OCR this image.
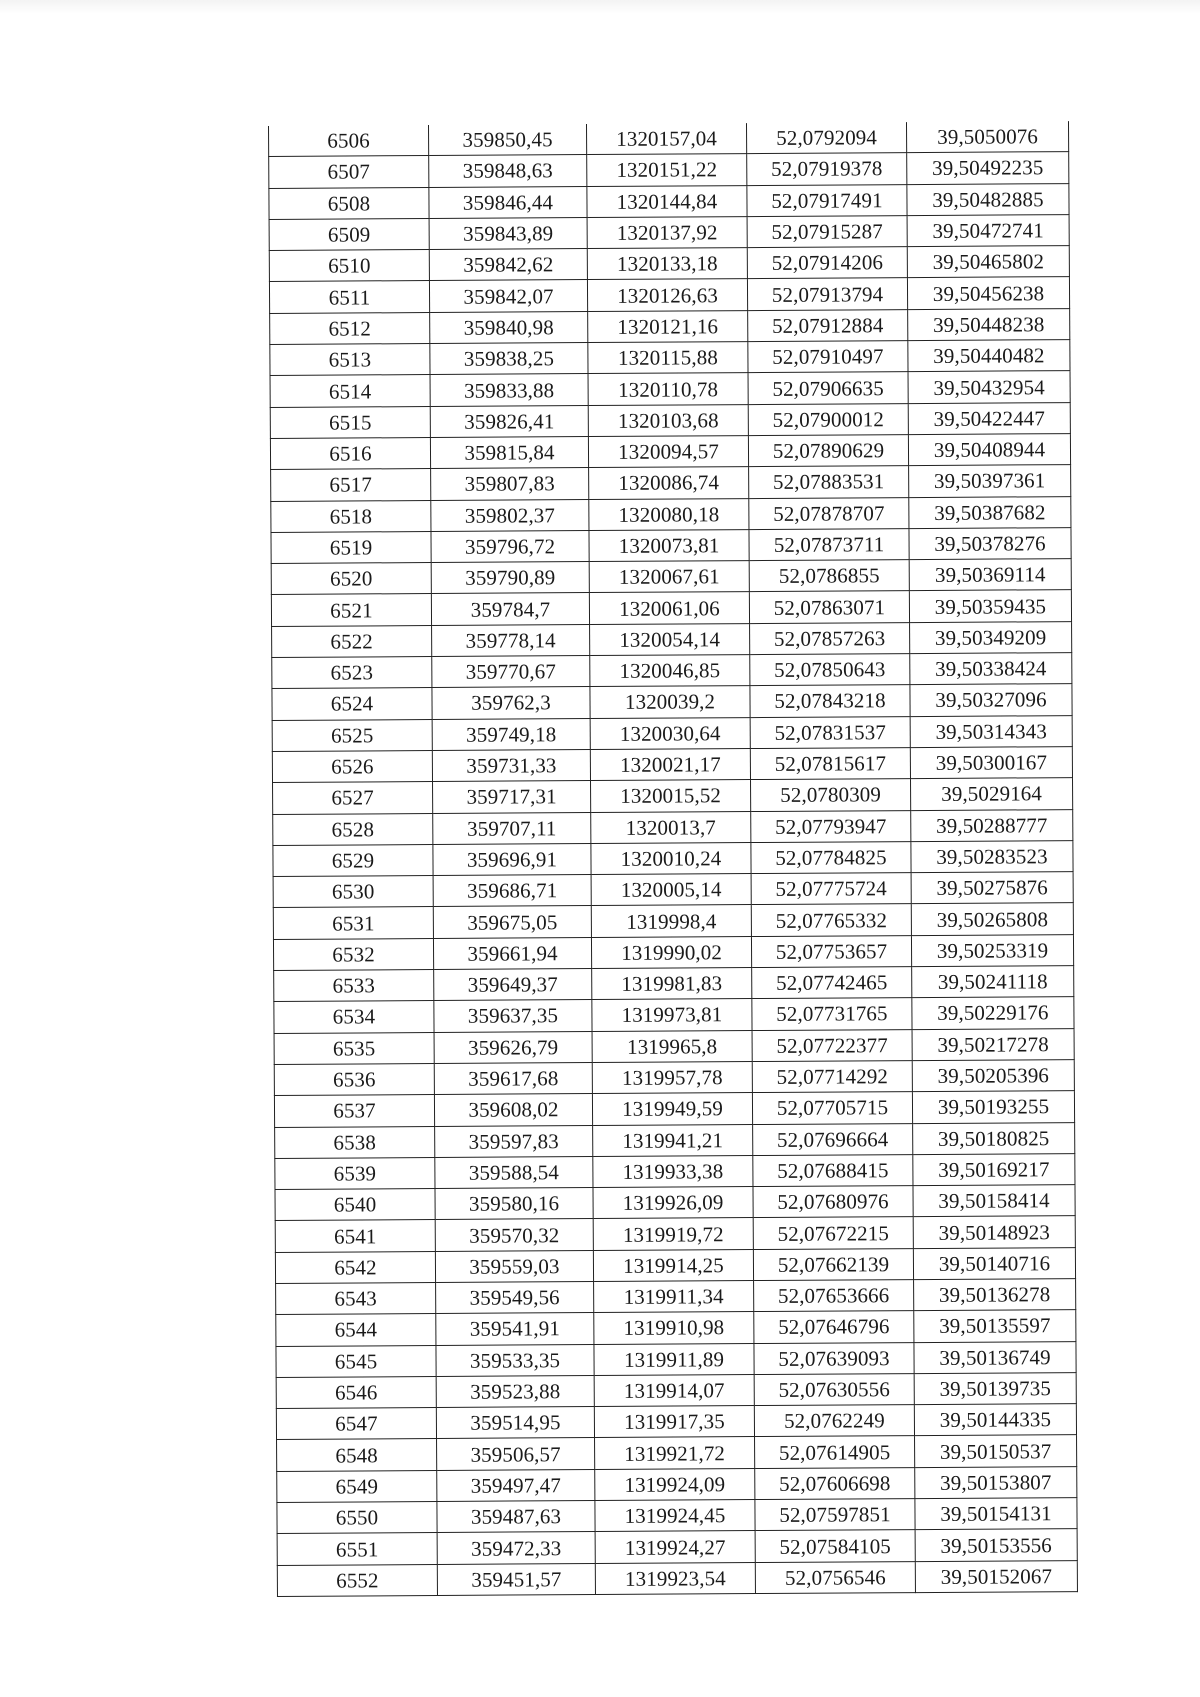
6506	359850,45	1320157,04	52,0792094	39,5050076
6507	359848,63	1320151,22	52,07919378	39,50492235
6508	359846,44	1320144,84	52,07917491	39,50482885
6509	359843,89	1320137,92	52,07915287	39,50472741
6510	359842,62	1320133,18	52,07914206	39,50465802
6511	359842,07	1320126,63	52,07913794	39,50456238
6512	359840,98	1320121,16	52,07912884	39,50448238
6513	359838,25	1320115,88	52,07910497	39,50440482
6514	359833,88	1320110,78	52,07906635	39,50432954
6515	359826,41	1320103,68	52,07900012	39,50422447
6516	359815,84	1320094,57	52,07890629	39,50408944
6517	359807,83	1320086,74	52,07883531	39,50397361
6518	359802,37	1320080,18	52,07878707	39,50387682
6519	359796,72	1320073,81	52,07873711	39,50378276
6520	359790,89	1320067,61	52,0786855	39,50369114
6521	359784,7	1320061,06	52,07863071	39,50359435
6522	359778,14	1320054,14	52,07857263	39,50349209
6523	359770,67	1320046,85	52,07850643	39,50338424
6524	359762,3	1320039,2	52,07843218	39,50327096
6525	359749,18	1320030,64	52,07831537	39,50314343
6526	359731,33	1320021,17	52,07815617	39,50300167
6527	359717,31	1320015,52	52,0780309	39,5029164
6528	359707,11	1320013,7	52,07793947	39,50288777
6529	359696,91	1320010,24	52,07784825	39,50283523
6530	359686,71	1320005,14	52,07775724	39,50275876
6531	359675,05	1319998,4	52,07765332	39,50265808
6532	359661,94	1319990,02	52,07753657	39,50253319
6533	359649,37	1319981,83	52,07742465	39,50241118
6534	359637,35	1319973,81	52,07731765	39,50229176
6535	359626,79	1319965,8	52,07722377	39,50217278
6536	359617,68	1319957,78	52,07714292	39,50205396
6537	359608,02	1319949,59	52,07705715	39,50193255
6538	359597,83	1319941,21	52,07696664	39,50180825
6539	359588,54	1319933,38	52,07688415	39,50169217
6540	359580,16	1319926,09	52,07680976	39,50158414
6541	359570,32	1319919,72	52,07672215	39,50148923
6542	359559,03	1319914,25	52,07662139	39,50140716
6543	359549,56	1319911,34	52,07653666	39,50136278
6544	359541,91	1319910,98	52,07646796	39,50135597
6545	359533,35	1319911,89	52,07639093	39,50136749
6546	359523,88	1319914,07	52,07630556	39,50139735
6547	359514,95	1319917,35	52,0762249	39,50144335
6548	359506,57	1319921,72	52,07614905	39,50150537
6549	359497,47	1319924,09	52,07606698	39,50153807
6550	359487,63	1319924,45	52,07597851	39,50154131
6551	359472,33	1319924,27	52,07584105	39,50153556
6552	359451,57	1319923,54	52,0756546	39,50152067
